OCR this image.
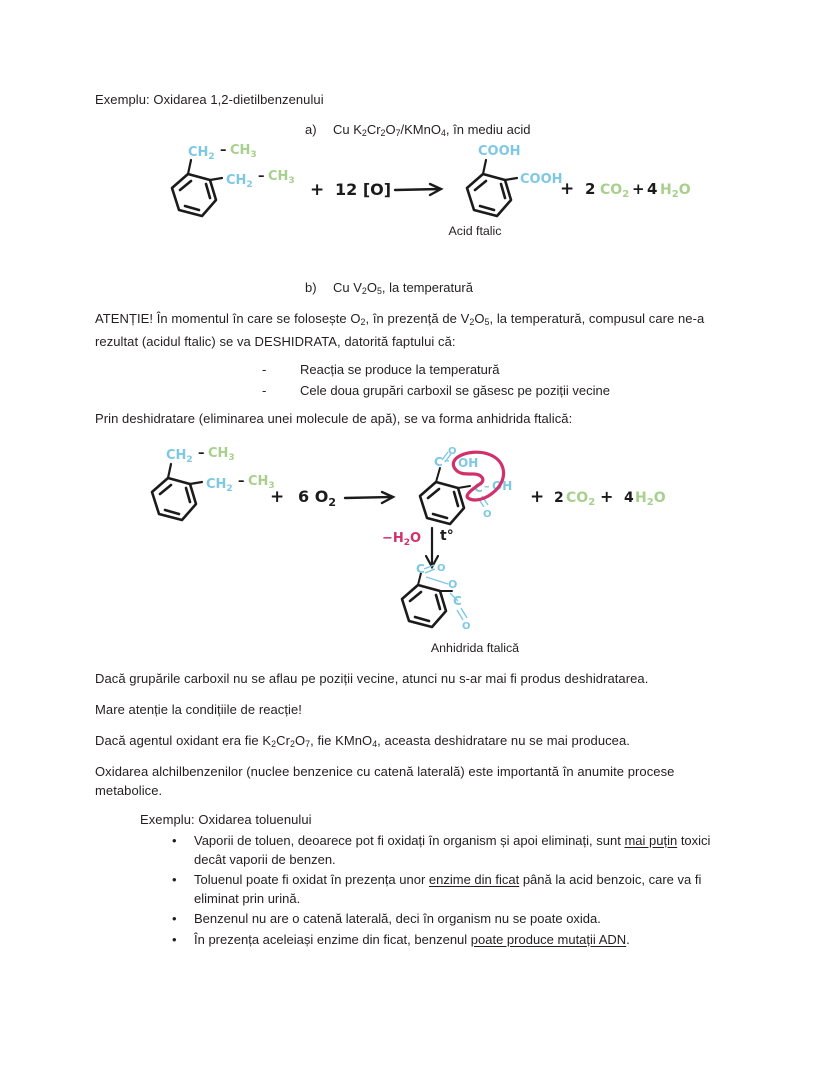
Exemplu: Oxidarea 1,2-dietilbenzenului
a)	Cu $K_2Cr_2O_7/KMnO_4$, în mediu acid
$CH_2 - CH_3$
$CH_2$
– $CH_3 + 12$ [O]
COOH
COOH
+ 2 $CO_2 + 4$ $H_2O$
Acid ftalic
b)	Cu $V_2O_5$, la temperatură
ATENȚIE! În momentul în care se folosește $O_2$, în prezență de $V_2O_5$, la temperatură, compusul care ne-a rezultat (acidul ftalic) se va DESHIDRATA, datorită faptului că:
-	Reacția se produce la temperatură
-	Cele doua grupări carboxil se găsesc pe poziții vecine
Prin deshidratare (eliminarea unei molecule de apă), se va forma anhidrida ftalică:
$CH_2 - CH_3$
$CH_2 - CH_3$
+ 6 $O_2$
C –
O
OH
C – OH
O
+ 2 $CO_2 + 4$ $H_2O$
$-H_2O$ t°
C O
O
C
O
Anhidrida ftalică
Dacă grupările carboxil nu se aflau pe poziții vecine, atunci nu s-ar mai fi produs deshidratarea.
Mare atenție la condițiile de reacție!
Dacă agentul oxidant era fie $K_2Cr_2O_7$, fie KMnO$_4$, aceasta deshidratare nu se mai producea.
Oxidarea alchilbenzenilor (nuclee benzenice cu catenă laterală) este importantă în anumite procese metabolice.
Exemplu: Oxidarea toluenului
•	Vaporii de toluen, deoarece pot fi oxidați în organism și apoi eliminați, sunt mai puțin toxici decât vaporii de benzen.
•	Toluenul poate fi oxidat în prezența unor enzime din ficat până la acid benzoic, care va fi eliminat prin urină.
•	Benzenul nu are o catenă laterală, deci în organism nu se poate oxida.
•	În prezența aceleiași enzime din ficat, benzenul poate produce mutații ADN.
